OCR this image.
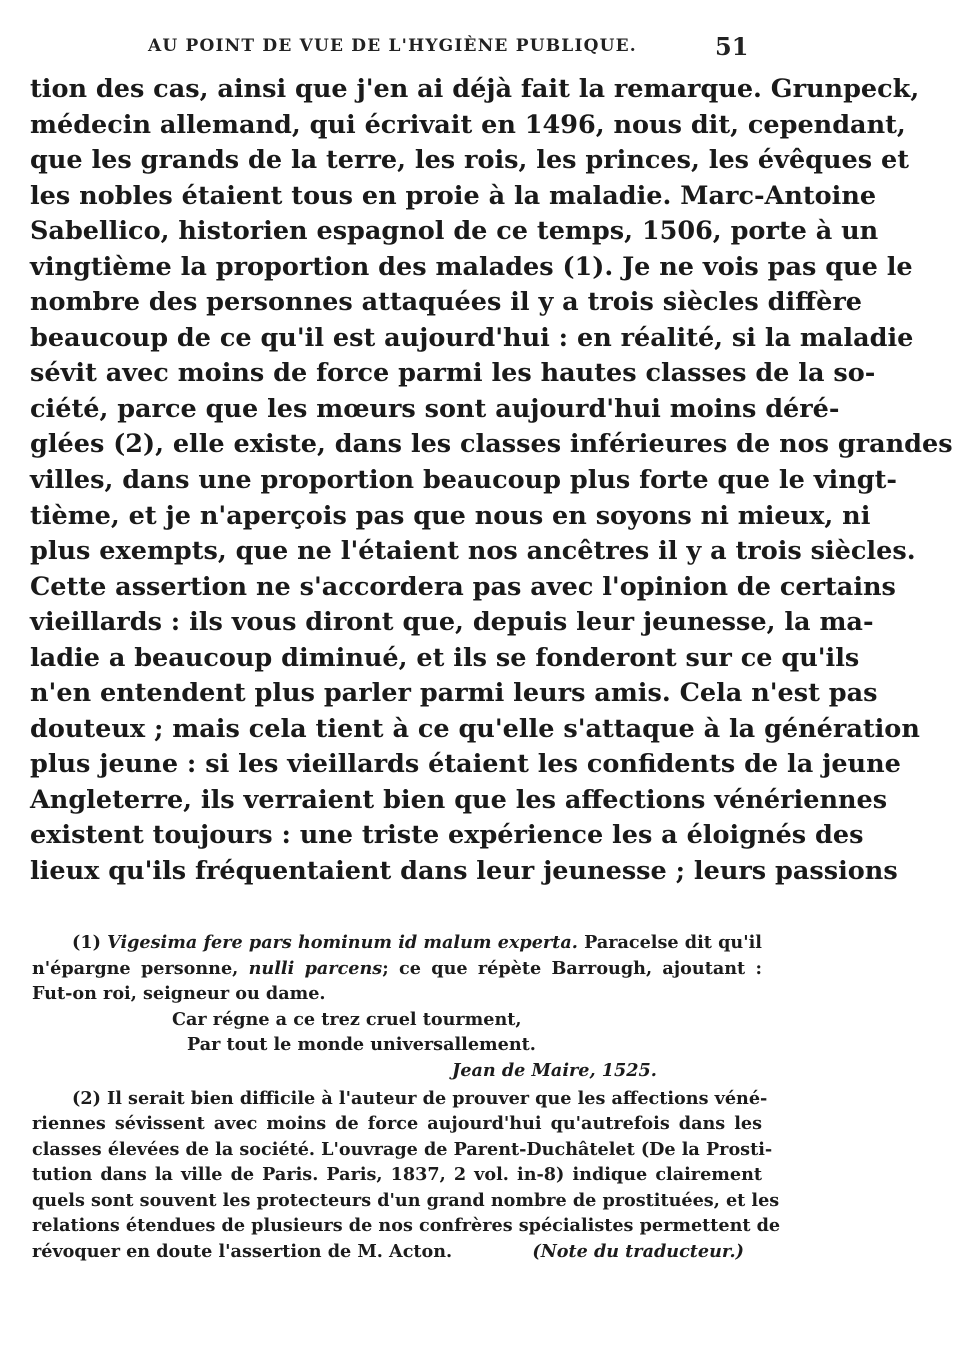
AU POINT DE VUE DE L'HYGIÈNE PUBLIQUE.	51
tion des cas, ainsi que j'en ai déjà fait la remarque. Grunpeck,
médecin allemand, qui écrivait en 1496, nous dit, cependant,
que les grands de la terre, les rois, les princes, les évêques et
les nobles étaient tous en proie à la maladie. Marc-Antoine
Sabellico, historien espagnol de ce temps, 1506, porte à un
vingtième la proportion des malades (1). Je ne vois pas que le
nombre des personnes attaquées il y a trois siècles diffère
beaucoup de ce qu'il est aujourd'hui : en réalité, si la maladie
sévit avec moins de force parmi les hautes classes de la so-
ciété, parce que les mœurs sont aujourd'hui moins déré-
glées (2), elle existe, dans les classes inférieures de nos grandes
villes, dans une proportion beaucoup plus forte que le vingt-
tième, et je n'aperçois pas que nous en soyons ni mieux, ni
plus exempts, que ne l'étaient nos ancêtres il y a trois siècles.
Cette assertion ne s'accordera pas avec l'opinion de certains
vieillards : ils vous diront que, depuis leur jeunesse, la ma-
ladie a beaucoup diminué, et ils se fonderont sur ce qu'ils
n'en entendent plus parler parmi leurs amis. Cela n'est pas
douteux ; mais cela tient à ce qu'elle s'attaque à la génération
plus jeune : si les vieillards étaient les confidents de la jeune
Angleterre, ils verraient bien que les affections vénériennes
existent toujours : une triste expérience les a éloignés des
lieux qu'ils fréquentaient dans leur jeunesse ; leurs passions
(1) Vigesima fere pars hominum id malum experta. Paracelse dit qu'il
n'épargne personne, nulli parcens; ce que répète Barrough, ajoutant :
Fut-on roi, seigneur ou dame.
Car régne a ce trez cruel tourment,
Par tout le monde universallement.
Jean de Maire, 1525.
(2) Il serait bien difficile à l'auteur de prouver que les affections véné-
riennes sévissent avec moins de force aujourd'hui qu'autrefois dans les
classes élevées de la société. L'ouvrage de Parent-Duchâtelet (De la Prosti-
tution dans la ville de Paris. Paris, 1837, 2 vol. in-8) indique clairement
quels sont souvent les protecteurs d'un grand nombre de prostituées, et les
relations étendues de plusieurs de nos confrères spécialistes permettent de
révoquer en doute l'assertion de M. Acton.	(Note du traducteur.)
